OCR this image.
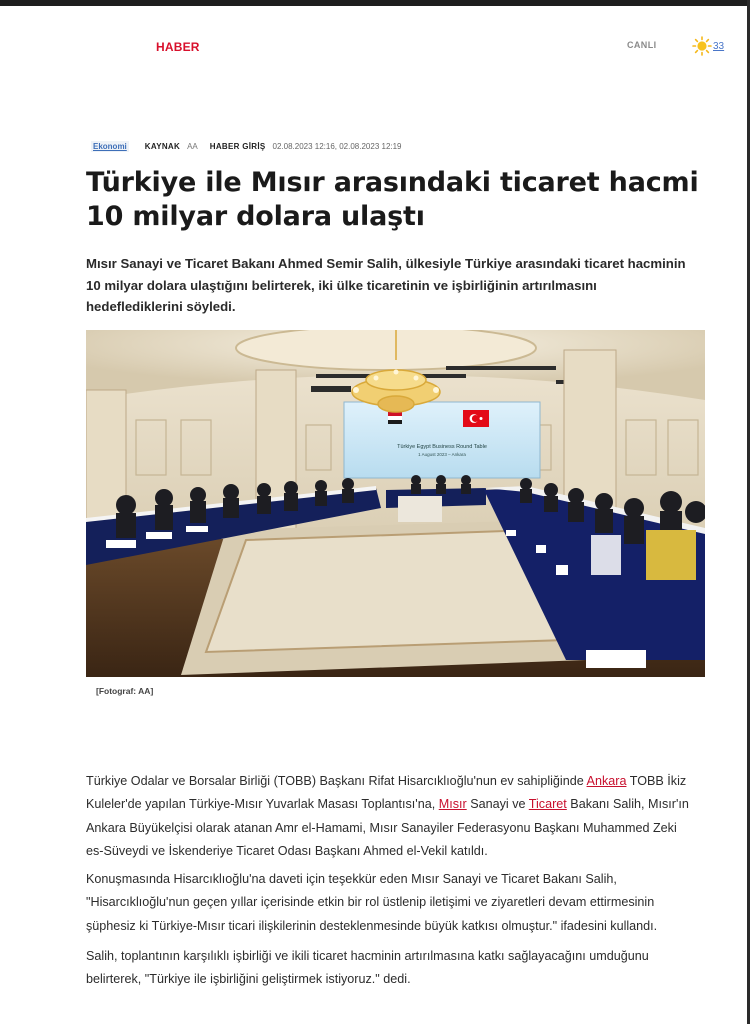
HABER	CANLI	33
Ekonomi KAYNAK AA HABER GİRİŞ 02.08.2023 12:16, 02.08.2023 12:19
Türkiye ile Mısır arasındaki ticaret hacmi 10 milyar dolara ulaştı

Mısır Sanayi ve Ticaret Bakanı Ahmed Semir Salih, ülkesiyle Türkiye arasındaki ticaret hacminin 10 milyar dolara ulaştığını belirterek, iki ülke ticaretinin ve işbirliğinin artırılmasını hedeflediklerini söyledi.

Türkiye Egypt Business Round Table
1 August 2023 – Ankara
[Fotograf: AA]

Türkiye Odalar ve Borsalar Birliği (TOBB) Başkanı Rifat Hisarcıklıoğlu'nun ev sahipliğinde Ankara TOBB İkiz Kuleler'de yapılan Türkiye-Mısır Yuvarlak Masası Toplantısı'na, Mısır Sanayi ve Ticaret Bakanı Salih, Mısır'ın Ankara Büyükelçisi olarak atanan Amr el-Hamami, Mısır Sanayiler Federasyonu Başkanı Muhammed Zeki es-Süveydi ve İskenderiye Ticaret Odası Başkanı Ahmed el-Vekil katıldı.

Konuşmasında Hisarcıklıoğlu'na daveti için teşekkür eden Mısır Sanayi ve Ticaret Bakanı Salih, "Hisarcıklıoğlu'nun geçen yıllar içerisinde etkin bir rol üstlenip iletişimi ve ziyaretleri devam ettirmesinin şüphesiz ki Türkiye-Mısır ticari ilişkilerinin desteklenmesinde büyük katkısı olmuştur." ifadesini kullandı.

Salih, toplantının karşılıklı işbirliği ve ikili ticaret hacminin artırılmasına katkı sağlayacağını umduğunu belirterek, "Türkiye ile işbirliğini geliştirmek istiyoruz." dedi.
